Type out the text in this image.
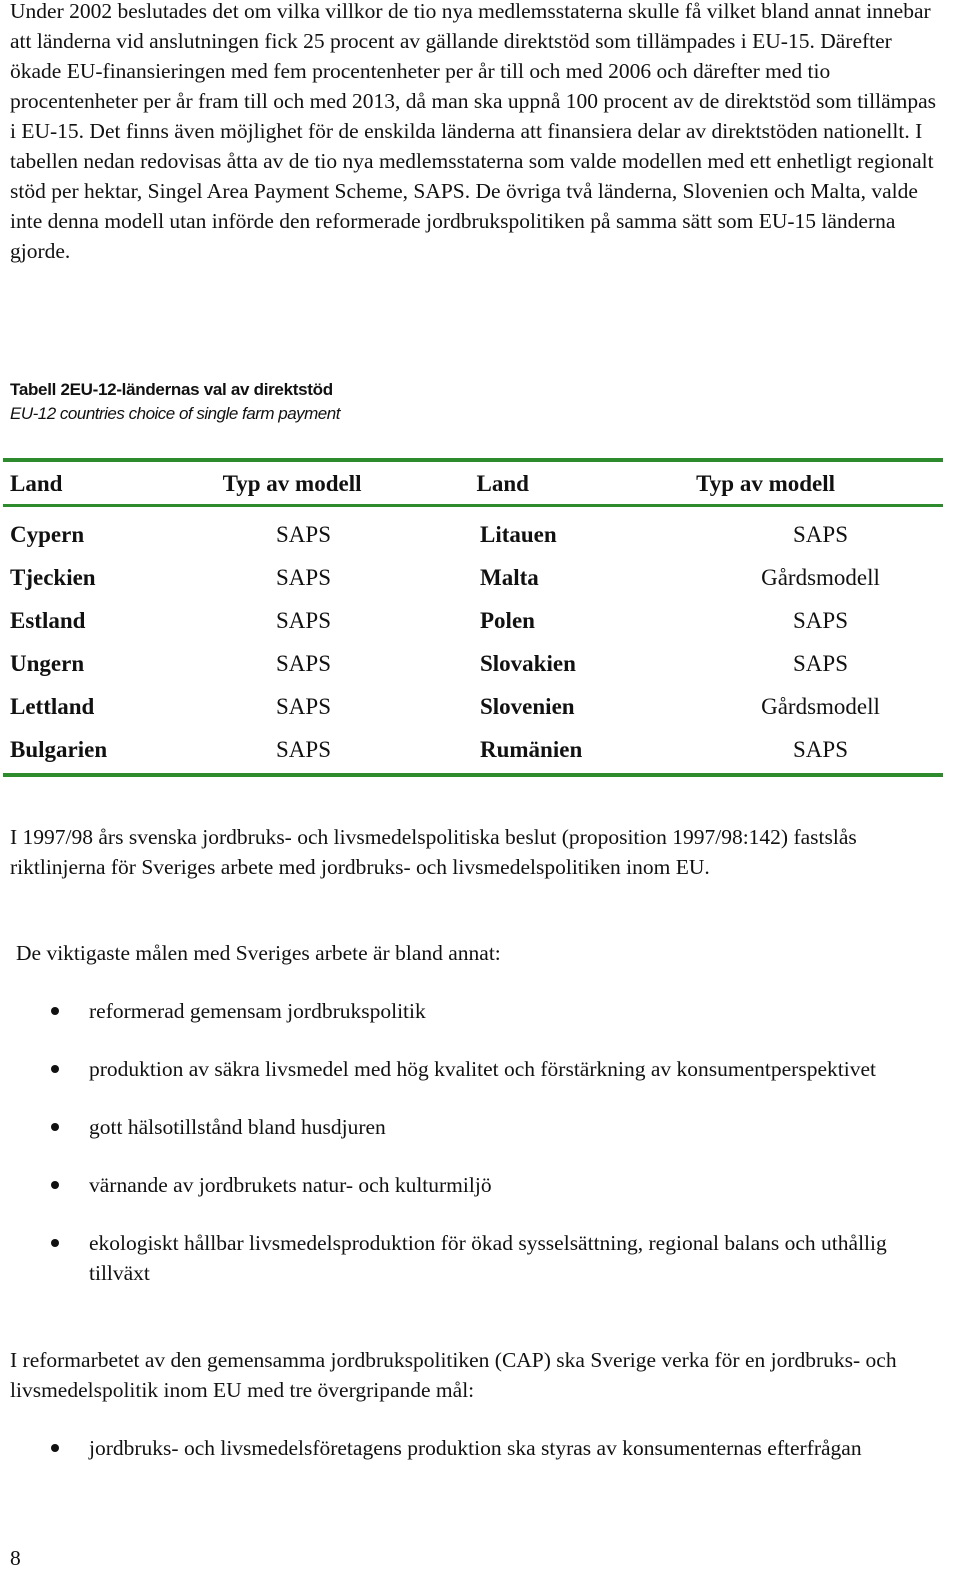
Under 2002 beslutades det om vilka villkor de tio nya medlemsstaterna skulle få vilket bland annat innebar att länderna vid anslutningen fick 25 procent av gällande direktstöd som tillämpades i EU-15. Därefter ökade EU-finansieringen med fem procentenheter per år till och med 2006 och därefter med tio procentenheter per år fram till och med 2013, då man ska uppnå 100 procent av de direktstöd som tillämpas i EU-15. Det finns även möjlighet för de enskilda länderna att finansiera delar av direktstöden nationellt. I tabellen nedan redovisas åtta av de tio nya medlemsstaterna som valde modellen med ett enhetligt regionalt stöd per hektar, Singel Area Payment Scheme, SAPS. De övriga två länderna, Slovenien och Malta, valde inte denna modell utan införde den reformerade jordbrukspolitiken på samma sätt som EU-15 länderna gjorde.

Tabell 2EU-12-ländernas val av direktstöd

EU-12 countries choice of single farm payment

Land	Typ av modell	Land	Typ av modell
Cypern	SAPS	Litauen	SAPS
Tjeckien	SAPS	Malta	Gårdsmodell
Estland	SAPS	Polen	SAPS
Ungern	SAPS	Slovakien	SAPS
Lettland	SAPS	Slovenien	Gårdsmodell
Bulgarien	SAPS	Rumänien	SAPS

I 1997/98 års svenska jordbruks- och livsmedelspolitiska beslut (proposition 1997/98:142) fastslås riktlinjerna för Sveriges arbete med jordbruks- och livsmedelspolitiken inom EU.

De viktigaste målen med Sveriges arbete är bland annat:

reformerad gemensam jordbrukspolitik
produktion av säkra livsmedel med hög kvalitet och förstärkning av konsumentperspektivet
gott hälsotillstånd bland husdjuren
värnande av jordbrukets natur- och kulturmiljö
ekologiskt hållbar livsmedelsproduktion för ökad sysselsättning, regional balans och uthållig tillväxt

I reformarbetet av den gemensamma jordbrukspolitiken (CAP) ska Sverige verka för en jordbruks- och livsmedelspolitik inom EU med tre övergripande mål:

jordbruks- och livsmedelsföretagens produktion ska styras av konsumenternas efterfrågan
8
